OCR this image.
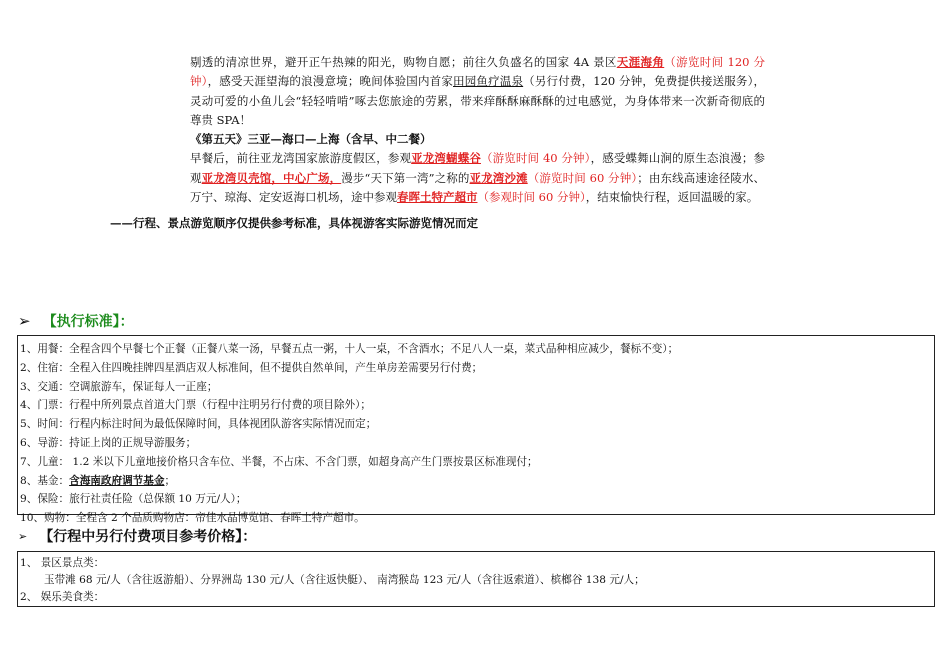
剔透的清凉世界，避开正午热辣的阳光，购物自愿；前往久负盛名的国家 4A 景区天涯海角（游览时间 120 分钟），感受天涯望海的浪漫意境；晚间体验国内首家田园鱼疗温泉（另行付费，120 分钟，免费提供接送服务），灵动可爱的小鱼儿会“轻轻啃啃”啄去您旅途的劳累，带来痒酥酥麻酥酥的过电感觉，为身体带来一次新奇彻底的尊贵 SPA！

《第五天》三亚—海口—上海（含早、中二餐）

早餐后，前往亚龙湾国家旅游度假区，参观亚龙湾蝴蝶谷（游览时间 40 分钟），感受蝶舞山涧的原生态浪漫；参观亚龙湾贝壳馆，中心广场，漫步“天下第一湾”之称的亚龙湾沙滩（游览时间 60 分钟）；由东线高速途径陵水、万宁、琼海、定安返海口机场，途中参观春晖土特产超市（参观时间 60 分钟），结束愉快行程，返回温暖的家。

——行程、景点游览顺序仅提供参考标准，具体视游客实际游览情况而定
➢ 【执行标准】：
1、用餐：全程含四个早餐七个正餐（正餐八菜一汤，早餐五点一粥，十人一桌，不含酒水；不足八人一桌，菜式品种相应减少，餐标不变）；
2、住宿：全程入住四晚挂牌四星酒店双人标准间，但不提供自然单间，产生单房差需要另行付费；
3、交通：空调旅游车，保证每人一正座；
4、门票：行程中所列景点首道大门票（行程中注明另行付费的项目除外）；
5、时间：行程内标注时间为最低保障时间，具体视团队游客实际情况而定；
6、导游：持证上岗的正规导游服务；
7、儿童： 1.2 米以下儿童地接价格只含车位、半餐，不占床、不含门票，如超身高产生门票按景区标准现付；
8、基金：含海南政府调节基金；
9、保险：旅行社责任险（总保额 10 万元/人）；
10、购物：全程含 2 个品质购物店：帝佳水晶博览馆、春晖土特产超市。
➢ 【行程中另行付费项目参考价格】：
1、 景区景点类：
玉带滩 68 元/人（含往返游船）、分界洲岛 130 元/人（含往返快艇）、 南湾猴岛 123 元/人（含往返索道）、槟榔谷 138 元/人；
2、 娱乐美食类：
